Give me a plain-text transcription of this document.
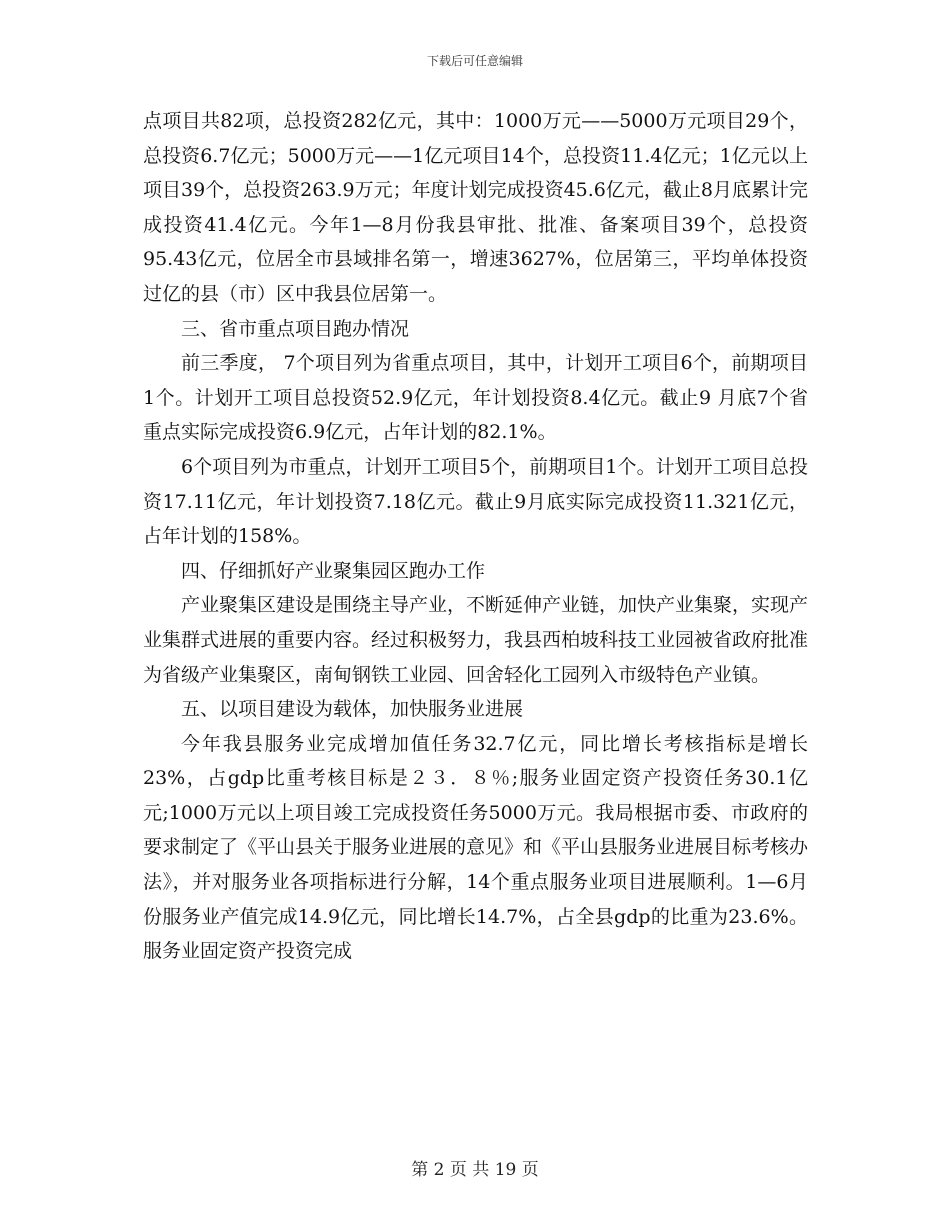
下载后可任意编辑

点项目共82项，总投资282亿元，其中：1000万元——5000万元项目29个，总投资6.7亿元；5000万元——1亿元项目14个，总投资11.4亿元；1亿元以上项目39个，总投资263.9万元；年度计划完成投资45.6亿元，截止8月底累计完成投资41.4亿元。今年1—8月份我县审批、批准、备案项目39个，总投资95.43亿元，位居全市县域排名第一，增速3627%，位居第三，平均单体投资过亿的县（市）区中我县位居第一。

三、省市重点项目跑办情况

前三季度， 7个项目列为省重点项目，其中，计划开工项目6个，前期项目1个。计划开工项目总投资52.9亿元，年计划投资8.4亿元。截止9 月底7个省重点实际完成投资6.9亿元，占年计划的82.1%。

6个项目列为市重点，计划开工项目5个，前期项目1个。计划开工项目总投资17.11亿元，年计划投资7.18亿元。截止9月底实际完成投资11.321亿元，占年计划的158%。

四、仔细抓好产业聚集园区跑办工作

产业聚集区建设是围绕主导产业，不断延伸产业链，加快产业集聚，实现产业集群式进展的重要内容。经过积极努力，我县西柏坡科技工业园被省政府批准为省级产业集聚区，南甸钢铁工业园、回舍轻化工园列入市级特色产业镇。

五、以项目建设为载体，加快服务业进展

今年我县服务业完成增加值任务32.7亿元，同比增长考核指标是增长23%，占gdp比重考核目标是２３．８％;服务业固定资产投资任务30.1亿元;1000万元以上项目竣工完成投资任务5000万元。我局根据市委、市政府的要求制定了《平山县关于服务业进展的意见》和《平山县服务业进展目标考核办法》，并对服务业各项指标进行分解，14个重点服务业项目进展顺利。1—6月份服务业产值完成14.9亿元，同比增长14.7%，占全县gdp的比重为23.6%。服务业固定资产投资完成

第 2 页 共 19 页
